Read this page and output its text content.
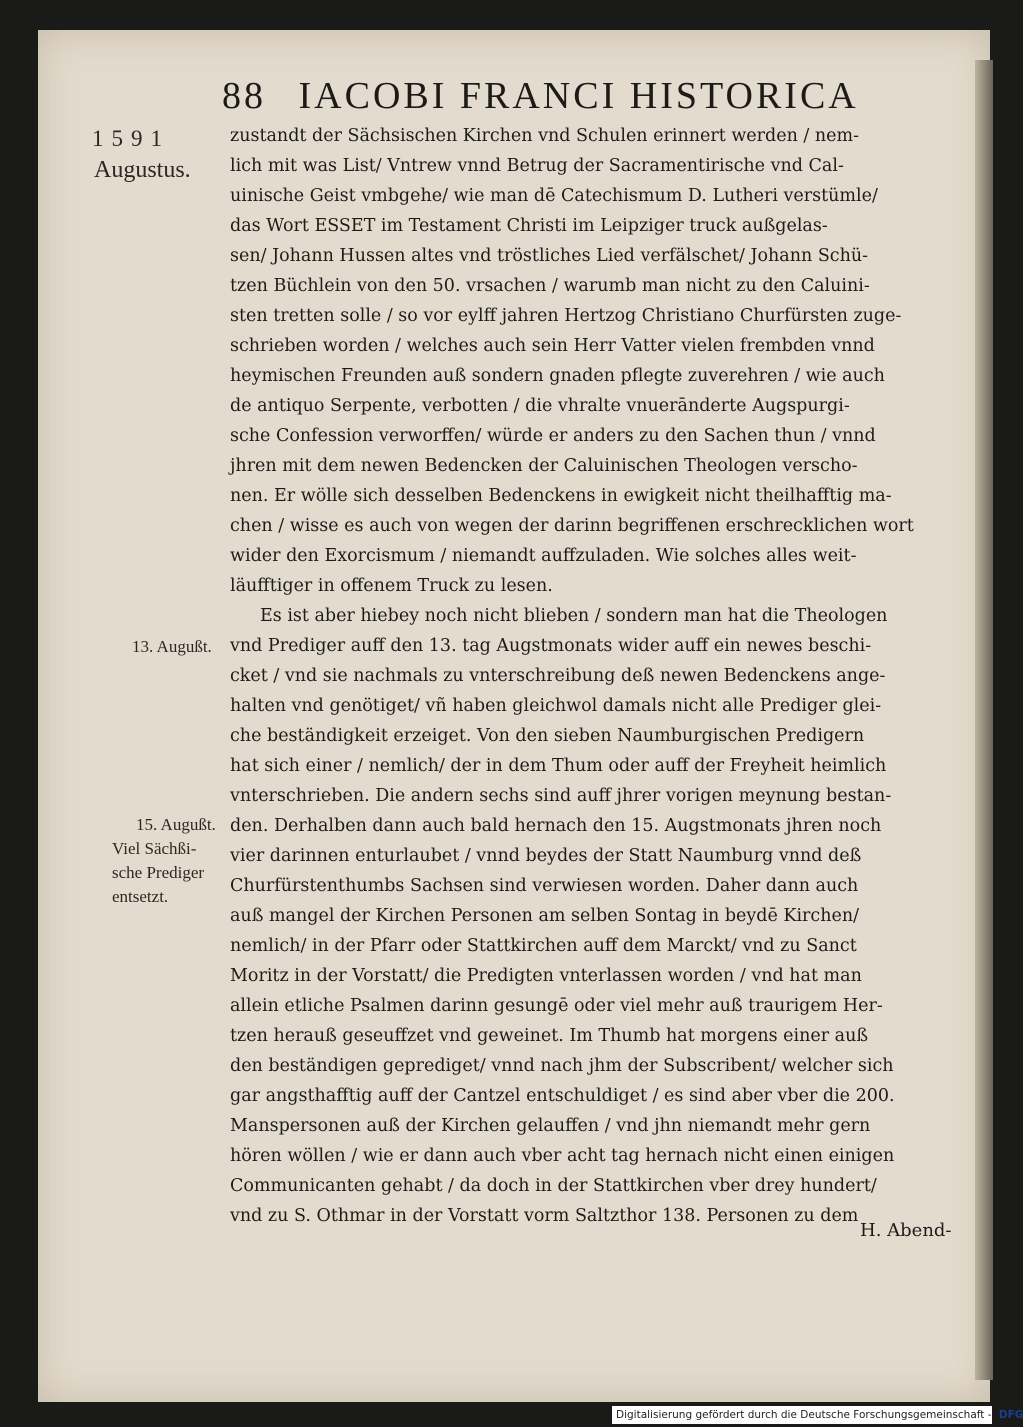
88 IACOBI FRANCI HISTORICA
1591
Augustus.
13. Augußt.
15. Augußt.
Viel Sächßi-
sche Prediger
entsetzt.
zustandt der Sächsischen Kirchen vnd Schulen erinnert werden / nem-
lich mit was List/ Vntrew vnnd Betrug der Sacramentirische vnd Cal-
uinische Geist vmbgehe/ wie man dē Catechismum D. Lutheri verstümle/
das Wort ESSET im Testament Christi im Leipziger truck außgelas-
sen/ Johann Hussen altes vnd tröstliches Lied verfälschet/ Johann Schü-
tzen Büchlein von den 50. vrsachen / warumb man nicht zu den Caluini-
sten tretten solle / so vor eylff jahren Hertzog Christiano Churfürsten zuge-
schrieben worden / welches auch sein Herr Vatter vielen frembden vnnd
heymischen Freunden auß sondern gnaden pflegte zuverehren / wie auch
de antiquo Serpente, verbotten / die vhralte vnuerānderte Augspurgi-
sche Confession verworffen/ würde er anders zu den Sachen thun / vnnd
jhren mit dem newen Bedencken der Caluinischen Theologen verscho-
nen. Er wölle sich desselben Bedenckens in ewigkeit nicht theilhafftig ma-
chen / wisse es auch von wegen der darinn begriffenen erschrecklichen wort
wider den Exorcismum / niemandt auffzuladen. Wie solches alles weit-
läufftiger in offenem Truck zu lesen.
Es ist aber hiebey noch nicht blieben / sondern man hat die Theologen
vnd Prediger auff den 13. tag Augstmonats wider auff ein newes beschi-
cket / vnd sie nachmals zu vnterschreibung deß newen Bedenckens ange-
halten vnd genötiget/ vñ haben gleichwol damals nicht alle Prediger glei-
che beständigkeit erzeiget. Von den sieben Naumburgischen Predigern
hat sich einer / nemlich/ der in dem Thum oder auff der Freyheit heimlich
vnterschrieben. Die andern sechs sind auff jhrer vorigen meynung bestan-
den. Derhalben dann auch bald hernach den 15. Augstmonats jhren noch
vier darinnen enturlaubet / vnnd beydes der Statt Naumburg vnnd deß
Churfürstenthumbs Sachsen sind verwiesen worden. Daher dann auch
auß mangel der Kirchen Personen am selben Sontag in beydē Kirchen/
nemlich/ in der Pfarr oder Stattkirchen auff dem Marckt/ vnd zu Sanct
Moritz in der Vorstatt/ die Predigten vnterlassen worden / vnd hat man
allein etliche Psalmen darinn gesungē oder viel mehr auß traurigem Her-
tzen herauß geseuffzet vnd geweinet. Im Thumb hat morgens einer auß
den beständigen geprediget/ vnnd nach jhm der Subscribent/ welcher sich
gar angsthafftig auff der Cantzel entschuldiget / es sind aber vber die 200.
Manspersonen auß der Kirchen gelauffen / vnd jhn niemandt mehr gern
hören wöllen / wie er dann auch vber acht tag hernach nicht einen einigen
Communicanten gehabt / da doch in der Stattkirchen vber drey hundert/
vnd zu S. Othmar in der Vorstatt vorm Saltzthor 138. Personen zu dem
H. Abend-
Digitalisierung gefördert durch die Deutsche Forschungsgemeinschaft - DFG
